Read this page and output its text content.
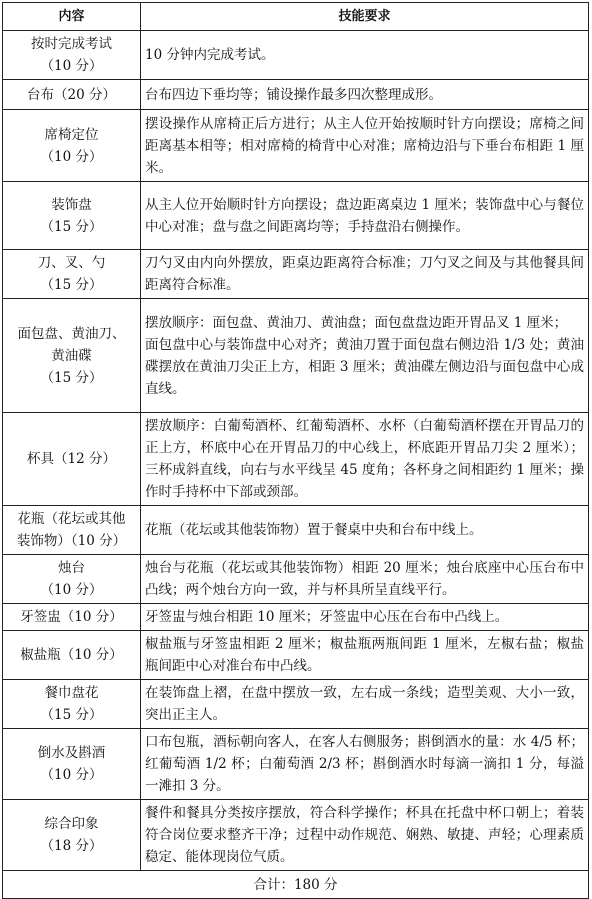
内容	技能要求
按时完成考试
（10 分）	10 分钟内完成考试。
台布（20 分）	台布四边下垂均等；铺设操作最多四次整理成形。
席椅定位
（10 分）	摆设操作从席椅正后方进行；从主人位开始按顺时针方向摆设；席椅之间距离基本相等；相对席椅的椅背中心对准；席椅边沿与下垂台布相距 1 厘米。
装饰盘
（15 分）	从主人位开始顺时针方向摆设；盘边距离桌边 1 厘米；装饰盘中心与餐位中心对准；盘与盘之间距离均等；手持盘沿右侧操作。
刀、叉、勺
（15 分）	刀勺叉由内向外摆放，距桌边距离符合标准；刀勺叉之间及与其他餐具间距离符合标准。
面包盘、黄油刀、
黄油碟
（15 分）	摆放顺序：面包盘、黄油刀、黄油盘；面包盘盘边距开胃品叉 1 厘米；
面包盘中心与装饰盘中心对齐；黄油刀置于面包盘右侧边沿 1/3 处；黄油碟摆放在黄油刀尖正上方，相距 3 厘米；黄油碟左侧边沿与面包盘中心成直线。
杯具（12 分）	摆放顺序：白葡萄酒杯、红葡萄酒杯、水杯（白葡萄酒杯摆在开胃品刀的正上方，杯底中心在开胃品刀的中心线上，杯底距开胃品刀尖 2 厘米）；三杯成斜直线，向右与水平线呈 45 度角；各杯身之间相距约 1 厘米；操作时手持杯中下部或颈部。
花瓶（花坛或其他
装饰物）（10 分）	花瓶（花坛或其他装饰物）置于餐桌中央和台布中线上。
烛台
（10 分）	烛台与花瓶（花坛或其他装饰物）相距 20 厘米；烛台底座中心压台布中凸线；两个烛台方向一致，并与杯具所呈直线平行。
牙签盅（10 分）	牙签盅与烛台相距 10 厘米；牙签盅中心压在台布中凸线上。
椒盐瓶（10 分）	椒盐瓶与牙签盅相距 2 厘米；椒盐瓶两瓶间距 1 厘米，左椒右盐；椒盐瓶间距中心对准台布中凸线。
餐巾盘花
（15 分）	在装饰盘上褶，在盘中摆放一致，左右成一条线；造型美观、大小一致，突出正主人。
倒水及斟酒
（10 分）	口布包瓶，酒标朝向客人，在客人右侧服务；斟倒酒水的量：水 4/5 杯；红葡萄酒 1/2 杯；白葡萄酒 2/3 杯；斟倒酒水时每滴一滴扣 1 分，每溢一滩扣 3 分。
综合印象
（18 分）	餐件和餐具分类按序摆放，符合科学操作；杯具在托盘中杯口朝上；着装符合岗位要求整齐干净；过程中动作规范、娴熟、敏捷、声轻；心理素质稳定、能体现岗位气质。
合计：180 分	
